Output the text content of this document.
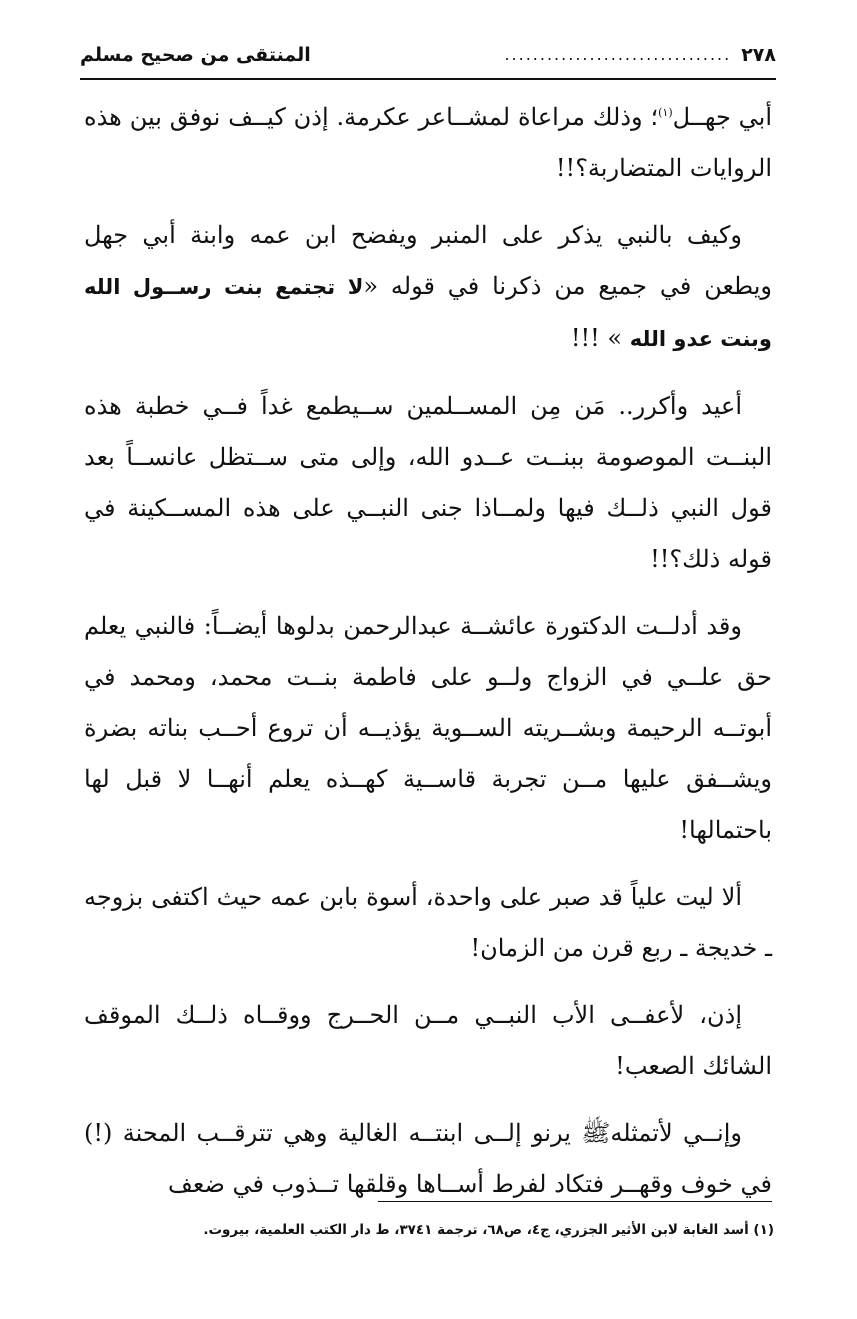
٢٧٨
................................
المنتقى من صحيح مسلم

أبي جهــل$^{(١)}$؛ وذلك مراعاة لمشــاعر عكرمة. إذن كيــف نوفق بين هذه الروايات المتضاربة؟!!

وكيف بالنبي يذكر على المنبر ويفضح ابن عمه وابنة أبي جهل ويطعن في جميع من ذكرنا في قوله «لا تجتمع بنت رســول الله وبنت عدو الله » !!!

أعيد وأكرر.. مَن مِن المســلمين ســيطمع غداً فــي خطبة هذه البنــت الموصومة ببنــت عــدو الله، وإلى متى ســتظل عانســاً بعد قول النبي ذلــك فيها ولمــاذا جنى النبــي على هذه المســكينة في قوله ذلك؟!!

وقد أدلــت الدكتورة عائشــة عبدالرحمن بدلوها أيضــاً: فالنبي يعلم حق علــي في الزواج ولــو على فاطمة بنــت محمد، ومحمد في أبوتــه الرحيمة وبشــريته الســوية يؤذيــه أن تروع أحــب بناته بضرة ويشــفق عليها مــن تجربة قاســية كهــذه يعلم أنهــا لا قبل لها باحتمالها!

ألا ليت علياً قد صبر على واحدة، أسوة بابن عمه حيث اكتفى بزوجه ـ خديجة ـ ربع قرن من الزمان!

إذن، لأعفــى الأب النبــي مــن الحــرج ووقــاه ذلــك الموقف الشائك الصعب!

وإنــي لأتمثلهﷺ يرنو إلــى ابنتــه الغالية وهي تترقــب المحنة (!) في خوف وقهــر فتكاد لفرط أســاها وقلقها تــذوب في ضعف

(١) أسد الغابة لابن الأثير الجزري، ج٤، ص٦٨، ترجمة ٣٧٤١، ط دار الكتب العلمية، بيروت.
